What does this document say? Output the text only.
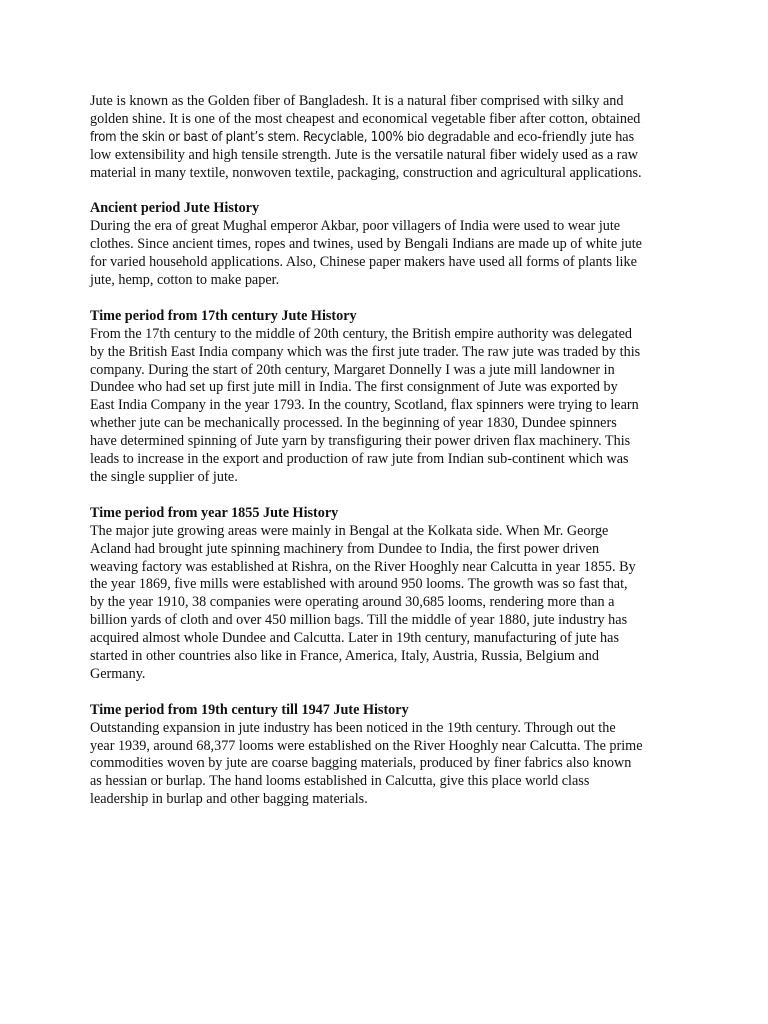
Jute is known as the Golden fiber of Bangladesh. It is a natural fiber comprised with silky and
golden shine. It is one of the most cheapest and economical vegetable fiber after cotton, obtained
from the skin or bast of plant’s stem. Recyclable, 100% bio degradable and eco-friendly jute has
low extensibility and high tensile strength. Jute is the versatile natural fiber widely used as a raw
material in many textile, nonwoven textile, packaging, construction and agricultural applications.

Ancient period Jute History

During the era of great Mughal emperor Akbar, poor villagers of India were used to wear jute
clothes. Since ancient times, ropes and twines, used by Bengali Indians are made up of white jute
for varied household applications. Also, Chinese paper makers have used all forms of plants like
jute, hemp, cotton to make paper.

Time period from 17th century Jute History

From the 17th century to the middle of 20th century, the British empire authority was delegated
by the British East India company which was the first jute trader. The raw jute was traded by this
company. During the start of 20th century, Margaret Donnelly I was a jute mill landowner in
Dundee who had set up first jute mill in India. The first consignment of Jute was exported by
East India Company in the year 1793. In the country, Scotland, flax spinners were trying to learn
whether jute can be mechanically processed. In the beginning of year 1830, Dundee spinners
have determined spinning of Jute yarn by transfiguring their power driven flax machinery. This
leads to increase in the export and production of raw jute from Indian sub-continent which was
the single supplier of jute.

Time period from year 1855 Jute History

The major jute growing areas were mainly in Bengal at the Kolkata side. When Mr. George
Acland had brought jute spinning machinery from Dundee to India, the first power driven
weaving factory was established at Rishra, on the River Hooghly near Calcutta in year 1855. By
the year 1869, five mills were established with around 950 looms. The growth was so fast that,
by the year 1910, 38 companies were operating around 30,685 looms, rendering more than a
billion yards of cloth and over 450 million bags. Till the middle of year 1880, jute industry has
acquired almost whole Dundee and Calcutta. Later in 19th century, manufacturing of jute has
started in other countries also like in France, America, Italy, Austria, Russia, Belgium and
Germany.

Time period from 19th century till 1947 Jute History

Outstanding expansion in jute industry has been noticed in the 19th century. Through out the
year 1939, around 68,377 looms were established on the River Hooghly near Calcutta. The prime
commodities woven by jute are coarse bagging materials, produced by finer fabrics also known
as hessian or burlap. The hand looms established in Calcutta, give this place world class
leadership in burlap and other bagging materials.
